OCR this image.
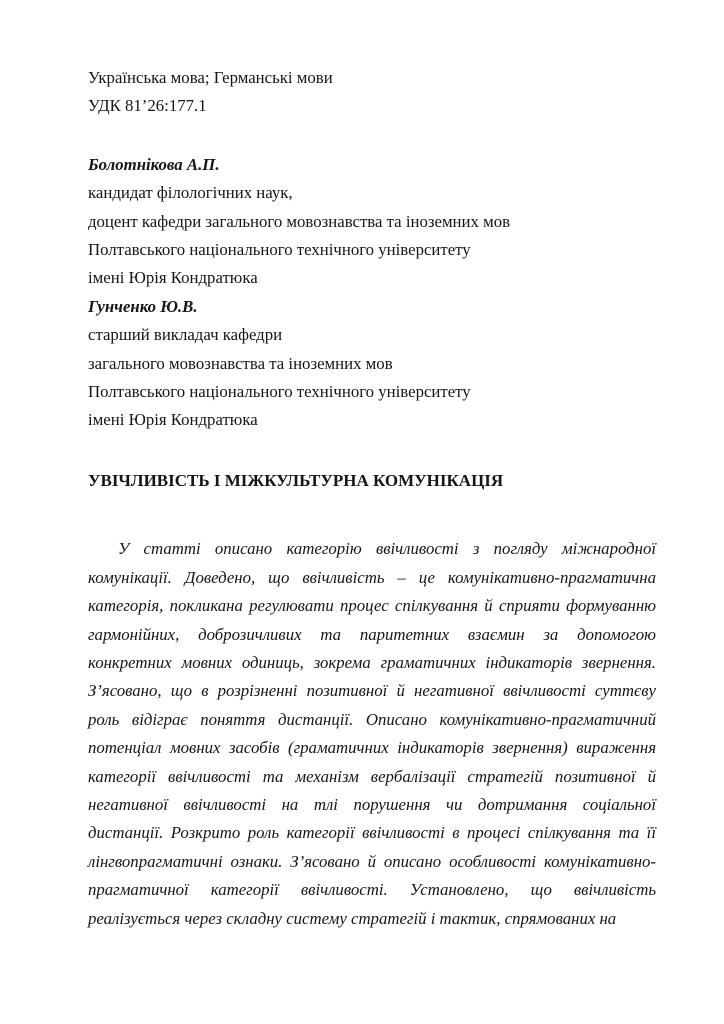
Українська мова; Германські мови
УДК 81’26:177.1
Болотнікова А.П.
кандидат філологічних наук,
доцент кафедри загального мовознавства та іноземних мов
Полтавського національного технічного університету
імені Юрія Кондратюка
Гунченко Ю.В.
старший викладач кафедри
загального мовознавства та іноземних мов
Полтавського національного технічного університету
імені Юрія Кондратюка
УВІЧЛИВІСТЬ І МІЖКУЛЬТУРНА КОМУНІКАЦІЯ
У статті описано категорію ввічливості з погляду міжнародної
комунікації. Доведено, що ввічливість – це комунікативно-прагматична
категорія, покликана регулювати процес спілкування й сприяти формуванню
гармонійних, доброзичливих та паритетних взаємин за допомогою
конкретних мовних одиниць, зокрема граматичних індикаторів звернення.
З’ясовано, що в розрізненні позитивної й негативної ввічливості суттєву
роль відіграє поняття дистанції. Описано комунікативно-прагматичний
потенціал мовних засобів (граматичних індикаторів звернення) вираження
категорії ввічливості та механізм вербалізації стратегій позитивної й
негативної ввічливості на тлі порушення чи дотримання соціальної
дистанції. Розкрито роль категорії ввічливості в процесі спілкування та її
лінгвопрагматичні ознаки. З’ясовано й описано особливості комунікативно-
прагматичної категорії ввічливості. Установлено, що ввічливість
реалізується через складну систему стратегій і тактик, спрямованих на
